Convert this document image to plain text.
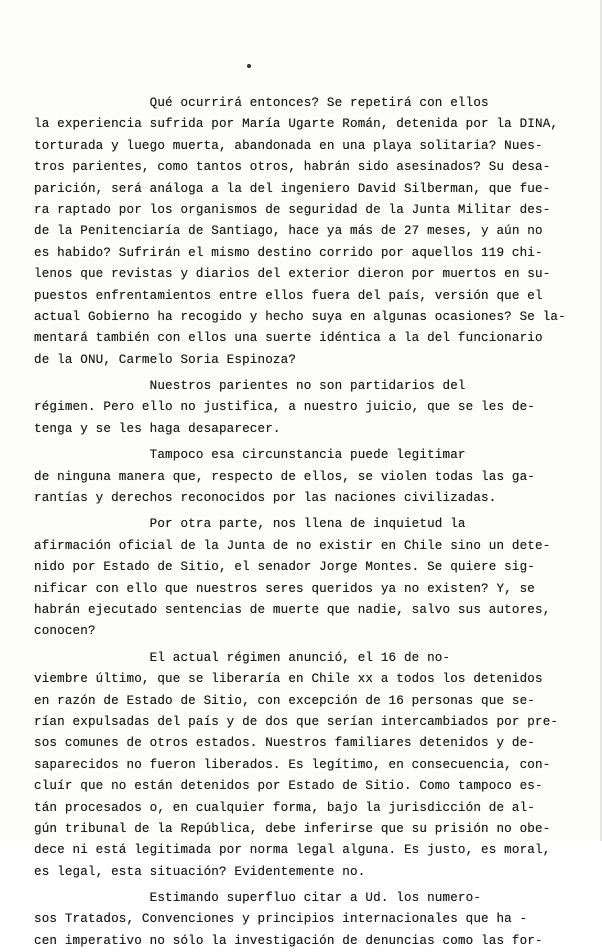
Qué ocurrirá entonces? Se repetirá con ellos
la experiencia sufrida por María Ugarte Román, detenida por la DINA,
torturada y luego muerta, abandonada en una playa solitaria? Nues-
tros parientes, como tantos otros, habrán sido asesinados? Su desa-
parición, será análoga a la del ingeniero David Silberman, que fue-
ra raptado por los organismos de seguridad de la Junta Militar des-
de la Penitenciaría de Santiago, hace ya más de 27 meses, y aún no
es habido? Sufrirán el mismo destino corrido por aquellos 119 chi-
lenos que revistas y diarios del exterior dieron por muertos en su-
puestos enfrentamientos entre ellos fuera del país, versión que el
actual Gobierno ha recogido y hecho suya en algunas ocasiones? Se la-
mentará también con ellos una suerte idéntica a la del funcionario
de la ONU, Carmelo Soria Espinoza?
Nuestros parientes no son partidarios del
régimen. Pero ello no justifica, a nuestro juicio, que se les de-
tenga y se les haga desaparecer.
Tampoco esa circunstancia puede legitimar
de ninguna manera que, respecto de ellos, se violen todas las ga-
rantías y derechos reconocidos por las naciones civilizadas.
Por otra parte, nos llena de inquietud la
afirmación oficial de la Junta de no existir en Chile sino un dete-
nido por Estado de Sitio, el senador Jorge Montes. Se quiere sig-
nificar con ello que nuestros seres queridos ya no existen? Y, se
habrán ejecutado sentencias de muerte que nadie, salvo sus autores,
conocen?
El actual régimen anunció, el 16 de no-
viembre último, que se liberaría en Chile xx a todos los detenidos
en razón de Estado de Sitio, con excepción de 16 personas que se-
rían expulsadas del país y de dos que serían intercambiados por pre-
sos comunes de otros estados. Nuestros familiares detenidos y de-
saparecidos no fueron liberados. Es legítimo, en consecuencia, con-
cluír que no están detenidos por Estado de Sitio. Como tampoco es-
tán procesados o, en cualquier forma, bajo la jurisdicción de al-
gún tribunal de la República, debe inferirse que su prisión no obe-
dece ni está legitimada por norma legal alguna. Es justo, es moral,
es legal, esta situación? Evidentemente no.
Estimando superfluo citar a Ud. los numero-
sos Tratados, Convenciones y principios internacionales que ha -
cen imperativo no sólo la investigación de denuncias como las for-
